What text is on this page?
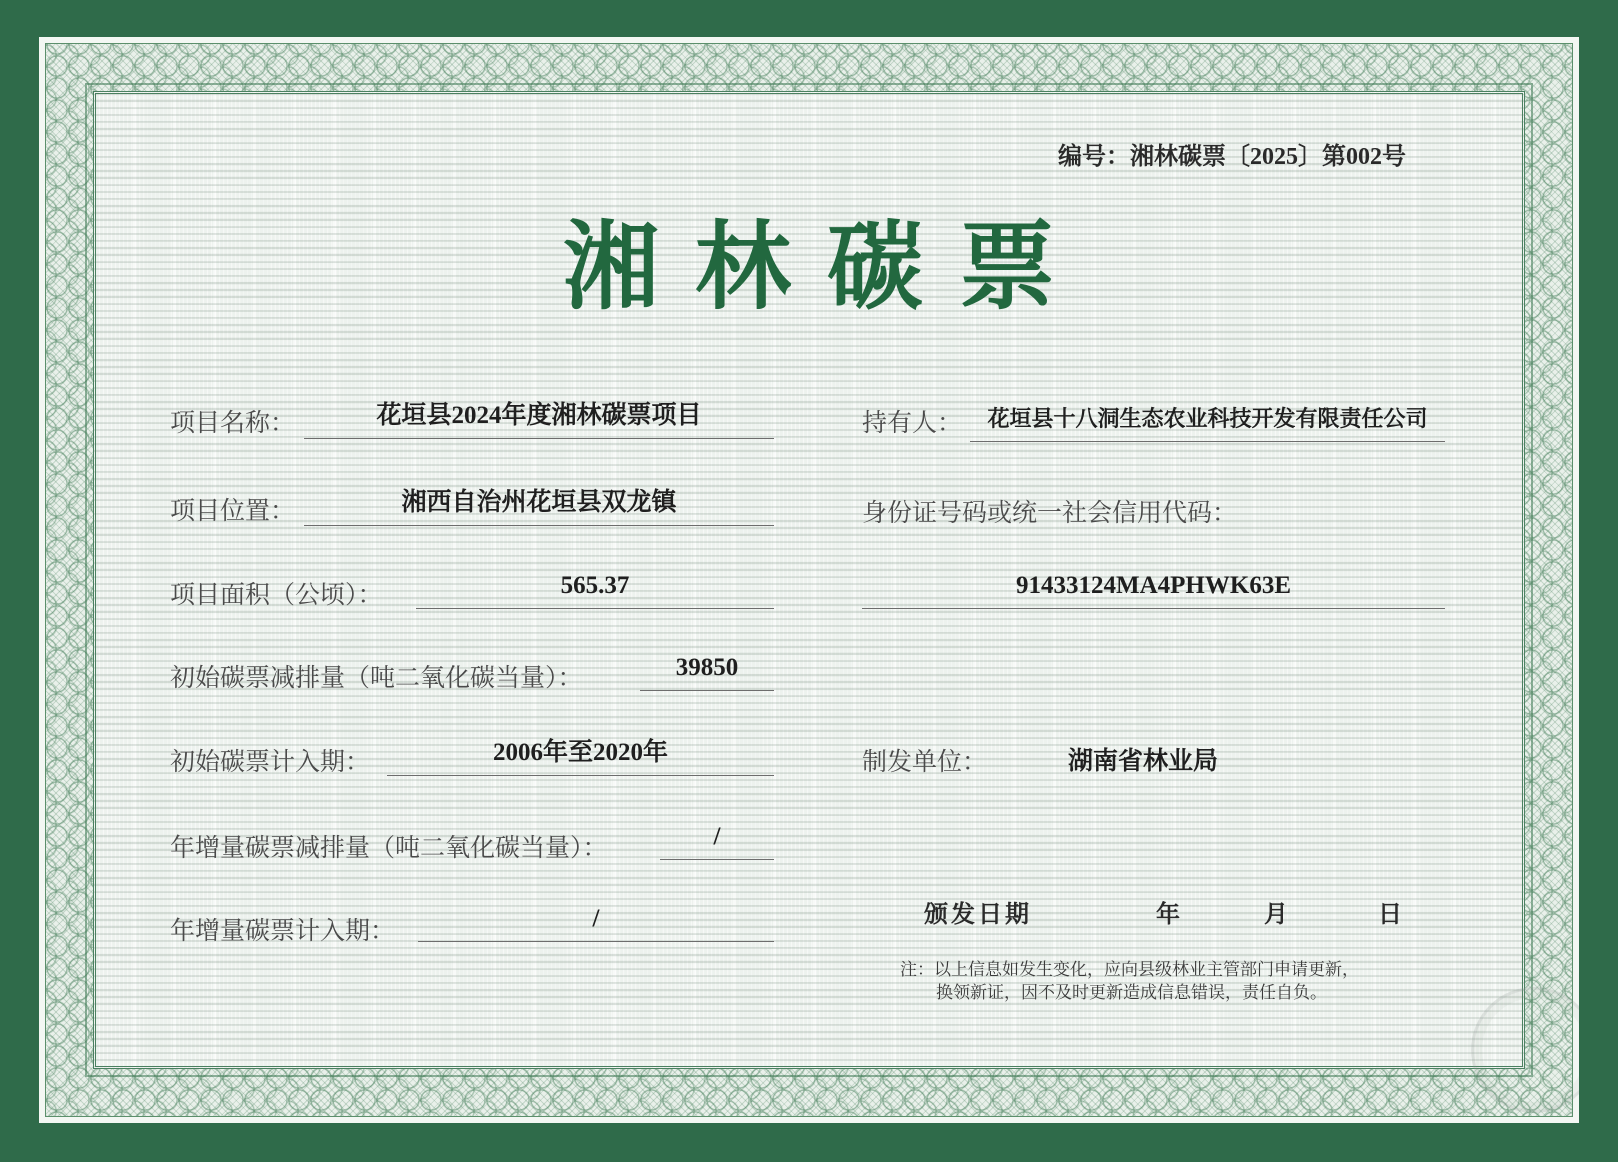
编号：湘林碳票〔2025〕第002号
湘林碳票
项目名称：	花垣县2024年度湘林碳票项目
项目位置：	湘西自治州花垣县双龙镇
项目面积（公顷）：	565.37
初始碳票减排量（吨二氧化碳当量）：	39850
初始碳票计入期：	2006年至2020年
年增量碳票减排量（吨二氧化碳当量）：	/
年增量碳票计入期：	/
持有人：	花垣县十八洞生态农业科技开发有限责任公司
身份证号码或统一社会信用代码：
91433124MA4PHWK63E
制发单位：	湖南省林业局
颁发日期	年	月	日
注：以上信息如发生变化，应向县级林业主管部门申请更新，
换领新证，因不及时更新造成信息错误，责任自负。
